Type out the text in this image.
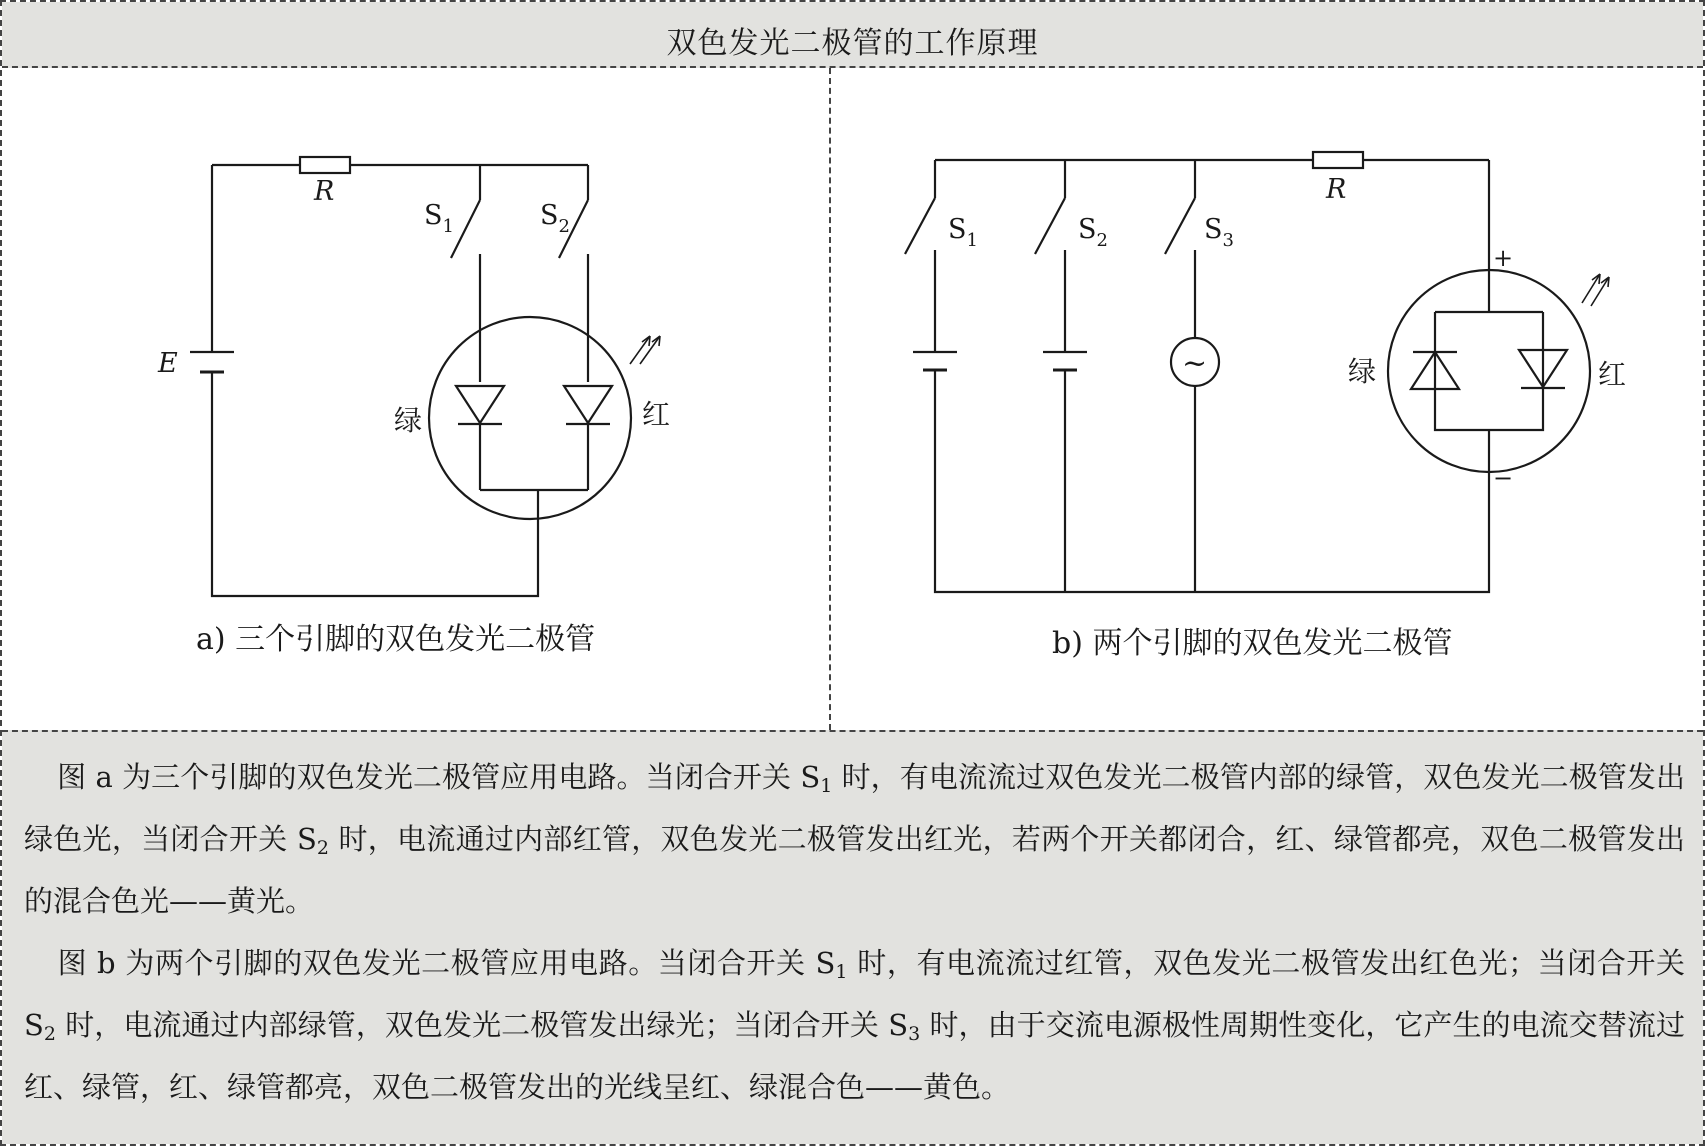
双色发光二极管的工作原理
R
E
$S_1$	$S_2$
绿	红
R
$S_1$	$S_2$	$S_3$
~
+
−
绿	红
a) 三个引脚的双色发光二极管	b) 两个引脚的双色发光二极管
图 a 为三个引脚的双色发光二极管应用电路。当闭合开关 $S_1$ 时，有电流流过双色发光二极管内部的绿管，双色发光二极管发出绿色光，当闭合开关 $S_2$ 时，电流通过内部红管，双色发光二极管发出红光，若两个开关都闭合，红、绿管都亮，双色二极管发出的混合色光——黄光。
图 b 为两个引脚的双色发光二极管应用电路。当闭合开关 $S_1$ 时，有电流流过红管，双色发光二极管发出红色光；当闭合开关 $S_2$ 时，电流通过内部绿管，双色发光二极管发出绿光；当闭合开关 $S_3$ 时，由于交流电源极性周期性变化，它产生的电流交替流过红、绿管，红、绿管都亮，双色二极管发出的光线呈红、绿混合色——黄色。
